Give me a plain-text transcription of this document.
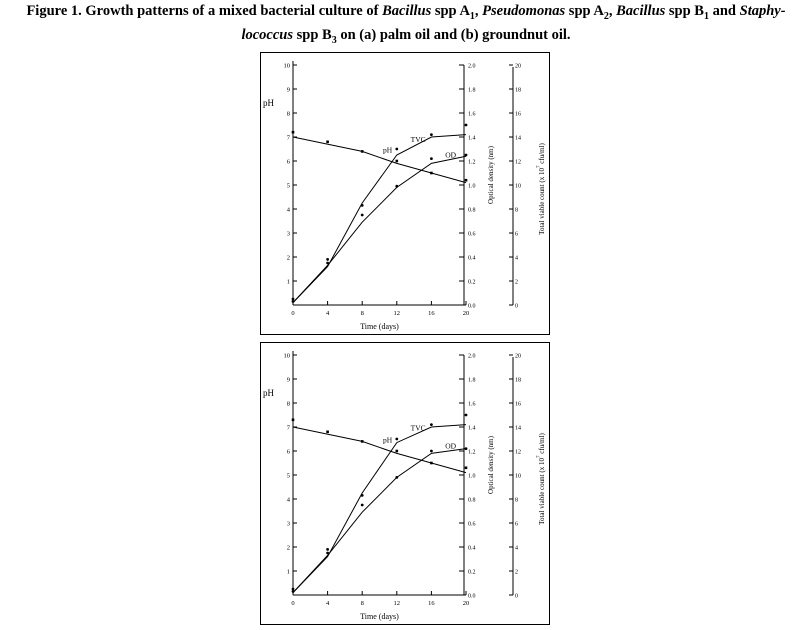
Figure 1. Growth patterns of a mixed bacterial culture of Bacillus spp $A_1$, Pseudomonas spp $A_2$, Bacillus spp $B_1$ and Staphy-
lococcus spp $B_3$ on (a) palm oil and (b) groundnut oil.
1
2
3
4
5
6
7
8
9
10
pH
0.0
0.2
0.4
0.6
0.8
1.0
1.2
1.4
1.6
1.8
2.0
Optical density (nm)
0
2
4
6
8
10
12
14
16
18
20
Total viable count (x $10^7$ cfu/ml)
0	4	8	12	16	20
Time (days)
pH
TVC
OD
1
2
3
4
5
6
7
8
9
10
pH
0.0
0.2
0.4
0.6
0.8
1.0
1.2
1.4
1.6
1.8
2.0
Optical density (nm)
0
2
4
6
8
10
12
14
16
18
20
Total viable count (x $10^7$ cfu/ml)
0	4	8	12	16	20
Time (days)
pH
TVC
OD
